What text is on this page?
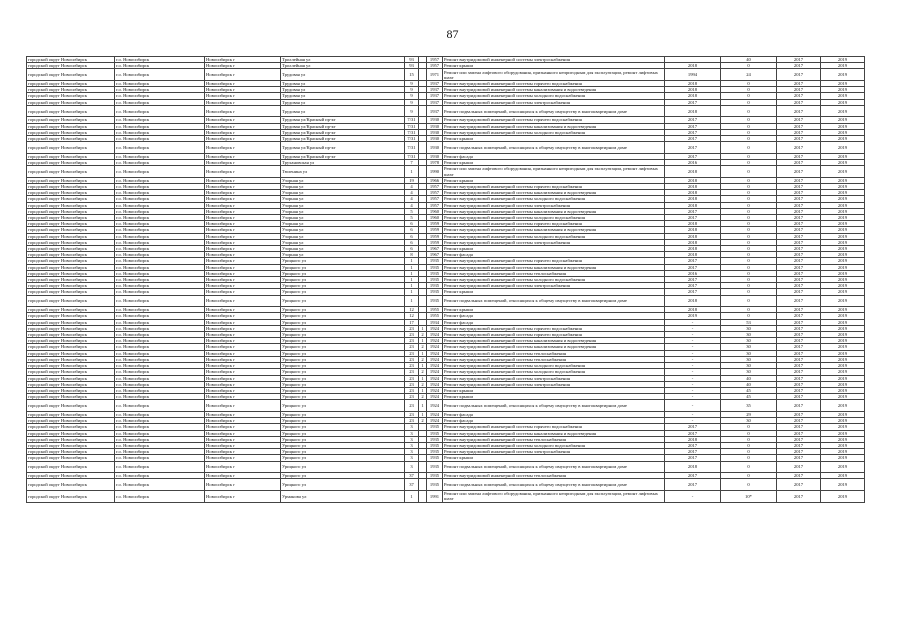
87
городской округ Новосибирск	г.о. Новосибирск	Новосибирск г	Троллейная ул	93		1957	Ремонт внутридомовой инженерной системы электроснабжения		40	2017	2019
городской округ Новосибирск	г.о. Новосибирск	Новосибирск г	Троллейная ул	93		1957	Ремонт крыши	2018	0	2017	2019
городской округ Новосибирск	г.о. Новосибирск	Новосибирск г	Трудовая ул	15		1971	Ремонт или замена лифтового оборудования, признанного непригодным для эксплуатации, ремонт лифтовых шахт	1994	24	2017	2019
городской округ Новосибирск	г.о. Новосибирск	Новосибирск г	Трудовая ул	9		1937	Ремонт внутридомовой инженерной системы горячего водоснабжения	2018	0	2017	2019
городской округ Новосибирск	г.о. Новосибирск	Новосибирск г	Трудовая ул	9		1937	Ремонт внутридомовой инженерной системы канализования и водоотведения	2018	0	2017	2019
городской округ Новосибирск	г.о. Новосибирск	Новосибирск г	Трудовая ул	9		1937	Ремонт внутридомовой инженерной системы холодного водоснабжения	2018	0	2017	2019
городской округ Новосибирск	г.о. Новосибирск	Новосибирск г	Трудовая ул	9		1937	Ремонт внутридомовой инженерной системы электроснабжения	2017	0	2017	2019
городской округ Новосибирск	г.о. Новосибирск	Новосибирск г	Трудовая ул	9		1937	Ремонт подвальных помещений, относящихся к общему имуществу в многоквартирном доме	2018	0	2017	2019
городской округ Новосибирск	г.о. Новосибирск	Новосибирск г	Трудовая ул/Красный пр-кт	7/31		1930	Ремонт внутридомовой инженерной системы горячего водоснабжения	2017	0	2017	2019
городской округ Новосибирск	г.о. Новосибирск	Новосибирск г	Трудовая ул/Красный пр-кт	7/31		1930	Ремонт внутридомовой инженерной системы канализования и водоотведения	2017	0	2017	2019
городской округ Новосибирск	г.о. Новосибирск	Новосибирск г	Трудовая ул/Красный пр-кт	7/31		1930	Ремонт внутридомовой инженерной системы холодного водоснабжения	2017	0	2017	2019
городской округ Новосибирск	г.о. Новосибирск	Новосибирск г	Трудовая ул/Красный пр-кт	7/31		1930	Ремонт крыши	2017	0	2017	2019
городской округ Новосибирск	г.о. Новосибирск	Новосибирск г	Трудовая ул/Красный пр-кт	7/31		1930	Ремонт подвальных помещений, относящихся к общему имуществу в многоквартирном доме	2017	0	2017	2019
городской округ Новосибирск	г.о. Новосибирск	Новосибирск г	Трудовая ул/Красный пр-кт	7/31		1930	Ремонт фасада	2017	0	2017	2019
городской округ Новосибирск	г.о. Новосибирск	Новосибирск г	Трухановская ул	7		1978	Ремонт крыши	2016	0	2017	2019
городской округ Новосибирск	г.о. Новосибирск	Новосибирск г	Тюленина ул	1		1990	Ремонт или замена лифтового оборудования, признанного непригодным для эксплуатации, ремонт лифтовых шахт	2018	0	2017	2019
городской округ Новосибирск	г.о. Новосибирск	Новосибирск г	Узорная ул	19		1966	Ремонт крыши	2018	0	2017	2019
городской округ Новосибирск	г.о. Новосибирск	Новосибирск г	Узорная ул	4		1957	Ремонт внутридомовой инженерной системы горячего водоснабжения	2018	0	2017	2019
городской округ Новосибирск	г.о. Новосибирск	Новосибирск г	Узорная ул	4		1957	Ремонт внутридомовой инженерной системы канализования и водоотведения	2018	0	2017	2019
городской округ Новосибирск	г.о. Новосибирск	Новосибирск г	Узорная ул	4		1957	Ремонт внутридомовой инженерной системы холодного водоснабжения	2018	0	2017	2019
городской округ Новосибирск	г.о. Новосибирск	Новосибирск г	Узорная ул	4		1957	Ремонт внутридомовой инженерной системы электроснабжения	2018	0	2017	2019
городской округ Новосибирск	г.о. Новосибирск	Новосибирск г	Узорная ул	5		1960	Ремонт внутридомовой инженерной системы канализования и водоотведения	2017	0	2017	2019
городской округ Новосибирск	г.о. Новосибирск	Новосибирск г	Узорная ул	5		1960	Ремонт внутридомовой инженерной системы холодного водоснабжения	2017	0	2017	2019
городской округ Новосибирск	г.о. Новосибирск	Новосибирск г	Узорная ул	6		1959	Ремонт внутридомовой инженерной системы горячего водоснабжения	2018	0	2017	2019
городской округ Новосибирск	г.о. Новосибирск	Новосибирск г	Узорная ул	6		1959	Ремонт внутридомовой инженерной системы канализования и водоотведения	2018	0	2017	2019
городской округ Новосибирск	г.о. Новосибирск	Новосибирск г	Узорная ул	6		1959	Ремонт внутридомовой инженерной системы холодного водоснабжения	2018	0	2017	2019
городской округ Новосибирск	г.о. Новосибирск	Новосибирск г	Узорная ул	6		1959	Ремонт внутридомовой инженерной системы электроснабжения	2018	0	2017	2019
городской округ Новосибирск	г.о. Новосибирск	Новосибирск г	Узорная ул	6		1967	Ремонт крыши	2018	0	2017	2019
городской округ Новосибирск	г.о. Новосибирск	Новосибирск г	Узорная ул	8		1967	Ремонт фасада	2018	0	2017	2019
городской округ Новосибирск	г.о. Новосибирск	Новосибирск г	Урицкого ул	1		1935	Ремонт внутридомовой инженерной системы горячего водоснабжения	2017	0	2017	2019
городской округ Новосибирск	г.о. Новосибирск	Новосибирск г	Урицкого ул	1		1935	Ремонт внутридомовой инженерной системы канализования и водоотведения	2017	0	2017	2019
городской округ Новосибирск	г.о. Новосибирск	Новосибирск г	Урицкого ул	1		1935	Ремонт внутридомовой инженерной системы теплоснабжения	2016	0	2017	2019
городской округ Новосибирск	г.о. Новосибирск	Новосибирск г	Урицкого ул	1		1935	Ремонт внутридомовой инженерной системы холодного водоснабжения	2017	0	2017	2019
городской округ Новосибирск	г.о. Новосибирск	Новосибирск г	Урицкого ул	1		1935	Ремонт внутридомовой инженерной системы электроснабжения	2017	0	2017	2019
городской округ Новосибирск	г.о. Новосибирск	Новосибирск г	Урицкого ул	1		1935	Ремонт крыши	2017	0	2017	2019
городской округ Новосибирск	г.о. Новосибирск	Новосибирск г	Урицкого ул	1		1935	Ремонт подвальных помещений, относящихся к общему имуществу в многоквартирном доме	2018	0	2017	2019
городской округ Новосибирск	г.о. Новосибирск	Новосибирск г	Урицкого ул	12		1955	Ремонт крыши	2018	0	2017	2019
городской округ Новосибирск	г.о. Новосибирск	Новосибирск г	Урицкого ул	12		1955	Ремонт фасада	2019	0	2017	2019
городской округ Новосибирск	г.о. Новосибирск	Новосибирск г	Урицкого ул	17		1934	Ремонт фасада	-	53	2017	2019
городской округ Новосибирск	г.о. Новосибирск	Новосибирск г	Урицкого ул	23	1	1924	Ремонт внутридомовой инженерной системы горячего водоснабжения	-	30	2017	2019
городской округ Новосибирск	г.о. Новосибирск	Новосибирск г	Урицкого ул	23	2	1924	Ремонт внутридомовой инженерной системы горячего водоснабжения	-	30	2017	2019
городской округ Новосибирск	г.о. Новосибирск	Новосибирск г	Урицкого ул	23	1	1924	Ремонт внутридомовой инженерной системы канализования и водоотведения	-	30	2017	2019
городской округ Новосибирск	г.о. Новосибирск	Новосибирск г	Урицкого ул	23	2	1924	Ремонт внутридомовой инженерной системы канализования и водоотведения	-	30	2017	2019
городской округ Новосибирск	г.о. Новосибирск	Новосибирск г	Урицкого ул	23	1	1924	Ремонт внутридомовой инженерной системы теплоснабжения	-	30	2017	2019
городской округ Новосибирск	г.о. Новосибирск	Новосибирск г	Урицкого ул	23	2	1924	Ремонт внутридомовой инженерной системы теплоснабжения	-	30	2017	2019
городской округ Новосибирск	г.о. Новосибирск	Новосибирск г	Урицкого ул	23	1	1924	Ремонт внутридомовой инженерной системы холодного водоснабжения	-	30	2017	2019
городской округ Новосибирск	г.о. Новосибирск	Новосибирск г	Урицкого ул	23	2	1924	Ремонт внутридомовой инженерной системы холодного водоснабжения	-	30	2017	2019
городской округ Новосибирск	г.о. Новосибирск	Новосибирск г	Урицкого ул	23	1	1924	Ремонт внутридомовой инженерной системы электроснабжения	-	40	2017	2019
городской округ Новосибирск	г.о. Новосибирск	Новосибирск г	Урицкого ул	23	2	1924	Ремонт внутридомовой инженерной системы электроснабжения	-	40	2017	2019
городской округ Новосибирск	г.о. Новосибирск	Новосибирск г	Урицкого ул	23	1	1924	Ремонт крыши	-	45	2017	2019
городской округ Новосибирск	г.о. Новосибирск	Новосибирск г	Урицкого ул	23	2	1924	Ремонт крыши	-	45	2017	2019
городской округ Новосибирск	г.о. Новосибирск	Новосибирск г	Урицкого ул	23	1	1924	Ремонт подвальных помещений, относящихся к общему имуществу в многоквартирном доме	-	35	2017	2019
городской округ Новосибирск	г.о. Новосибирск	Новосибирск г	Урицкого ул	23	1	1924	Ремонт фасада	-	29	2017	2019
городской округ Новосибирск	г.о. Новосибирск	Новосибирск г	Урицкого ул	23	2	1924	Ремонт фасада	-	30	2017	2019
городской округ Новосибирск	г.о. Новосибирск	Новосибирск г	Урицкого ул	3		1935	Ремонт внутридомовой инженерной системы горячего водоснабжения	2017	0	2017	2019
городской округ Новосибирск	г.о. Новосибирск	Новосибирск г	Урицкого ул	3		1935	Ремонт внутридомовой инженерной системы канализования и водоотведения	2017	0	2017	2019
городской округ Новосибирск	г.о. Новосибирск	Новосибирск г	Урицкого ул	3		1935	Ремонт внутридомовой инженерной системы теплоснабжения	2018	0	2017	2019
городской округ Новосибирск	г.о. Новосибирск	Новосибирск г	Урицкого ул	3		1935	Ремонт внутридомовой инженерной системы холодного водоснабжения	2017	0	2017	2019
городской округ Новосибирск	г.о. Новосибирск	Новосибирск г	Урицкого ул	3		1935	Ремонт внутридомовой инженерной системы электроснабжения	2017	0	2017	2019
городской округ Новосибирск	г.о. Новосибирск	Новосибирск г	Урицкого ул	3		1935	Ремонт крыши	2017	0	2017	2019
городской округ Новосибирск	г.о. Новосибирск	Новосибирск г	Урицкого ул	3		1935	Ремонт подвальных помещений, относящихся к общему имуществу в многоквартирном доме	2018	0	2017	2019
городской округ Новосибирск	г.о. Новосибирск	Новосибирск г	Урицкого ул	37		1935	Ремонт внутридомовой инженерной системы теплоснабжения	2017	0	2017	2019
городской округ Новосибирск	г.о. Новосибирск	Новосибирск г	Урицкого ул	37		1935	Ремонт подвальных помещений, относящихся к общему имуществу в многоквартирном доме	2017	0	2017	2019
городской округ Новосибирск	г.о. Новосибирск	Новосибирск г	Урманова ул	1		1991	Ремонт или замена лифтового оборудования, признанного непригодным для эксплуатации, ремонт лифтовых шахт	-	10*	2017	2019
